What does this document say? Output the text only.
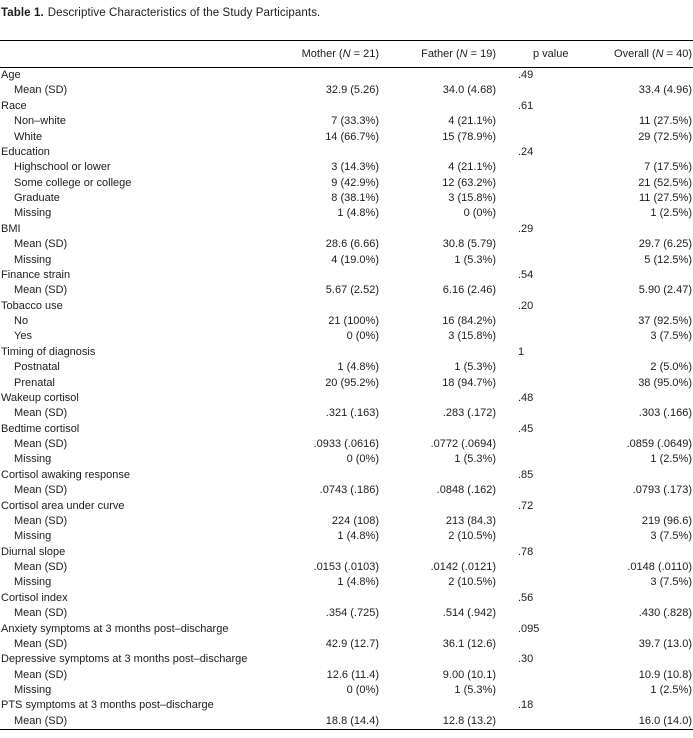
Table 1. Descriptive Characteristics of the Study Participants.
	Mother (N = 21)	Father (N = 19)	p value	Overall (N = 40)
Age			.49	
Mean (SD)	32.9 (5.26)	34.0 (4.68)		33.4 (4.96)
Race			.61	
Non–white	7 (33.3%)	4 (21.1%)		11 (27.5%)
White	14 (66.7%)	15 (78.9%)		29 (72.5%)
Education			.24	
Highschool or lower	3 (14.3%)	4 (21.1%)		7 (17.5%)
Some college or college	9 (42.9%)	12 (63.2%)		21 (52.5%)
Graduate	8 (38.1%)	3 (15.8%)		11 (27.5%)
Missing	1 (4.8%)	0 (0%)		1 (2.5%)
BMI			.29	
Mean (SD)	28.6 (6.66)	30.8 (5.79)		29.7 (6.25)
Missing	4 (19.0%)	1 (5.3%)		5 (12.5%)
Finance strain			.54	
Mean (SD)	5.67 (2.52)	6.16 (2.46)		5.90 (2.47)
Tobacco use			.20	
No	21 (100%)	16 (84.2%)		37 (92.5%)
Yes	0 (0%)	3 (15.8%)		3 (7.5%)
Timing of diagnosis			1	
Postnatal	1 (4.8%)	1 (5.3%)		2 (5.0%)
Prenatal	20 (95.2%)	18 (94.7%)		38 (95.0%)
Wakeup cortisol			.48	
Mean (SD)	.321 (.163)	.283 (.172)		.303 (.166)
Bedtime cortisol			.45	
Mean (SD)	.0933 (.0616)	.0772 (.0694)		.0859 (.0649)
Missing	0 (0%)	1 (5.3%)		1 (2.5%)
Cortisol awaking response			.85	
Mean (SD)	.0743 (.186)	.0848 (.162)		.0793 (.173)
Cortisol area under curve			.72	
Mean (SD)	224 (108)	213 (84.3)		219 (96.6)
Missing	1 (4.8%)	2 (10.5%)		3 (7.5%)
Diurnal slope			.78	
Mean (SD)	.0153 (.0103)	.0142 (.0121)		.0148 (.0110)
Missing	1 (4.8%)	2 (10.5%)		3 (7.5%)
Cortisol index			.56	
Mean (SD)	.354 (.725)	.514 (.942)		.430 (.828)
Anxiety symptoms at 3 months post–discharge			.095	
Mean (SD)	42.9 (12.7)	36.1 (12.6)		39.7 (13.0)
Depressive symptoms at 3 months post–discharge			.30	
Mean (SD)	12.6 (11.4)	9.00 (10.1)		10.9 (10.8)
Missing	0 (0%)	1 (5.3%)		1 (2.5%)
PTS symptoms at 3 months post–discharge			.18	
Mean (SD)	18.8 (14.4)	12.8 (13.2)		16.0 (14.0)
